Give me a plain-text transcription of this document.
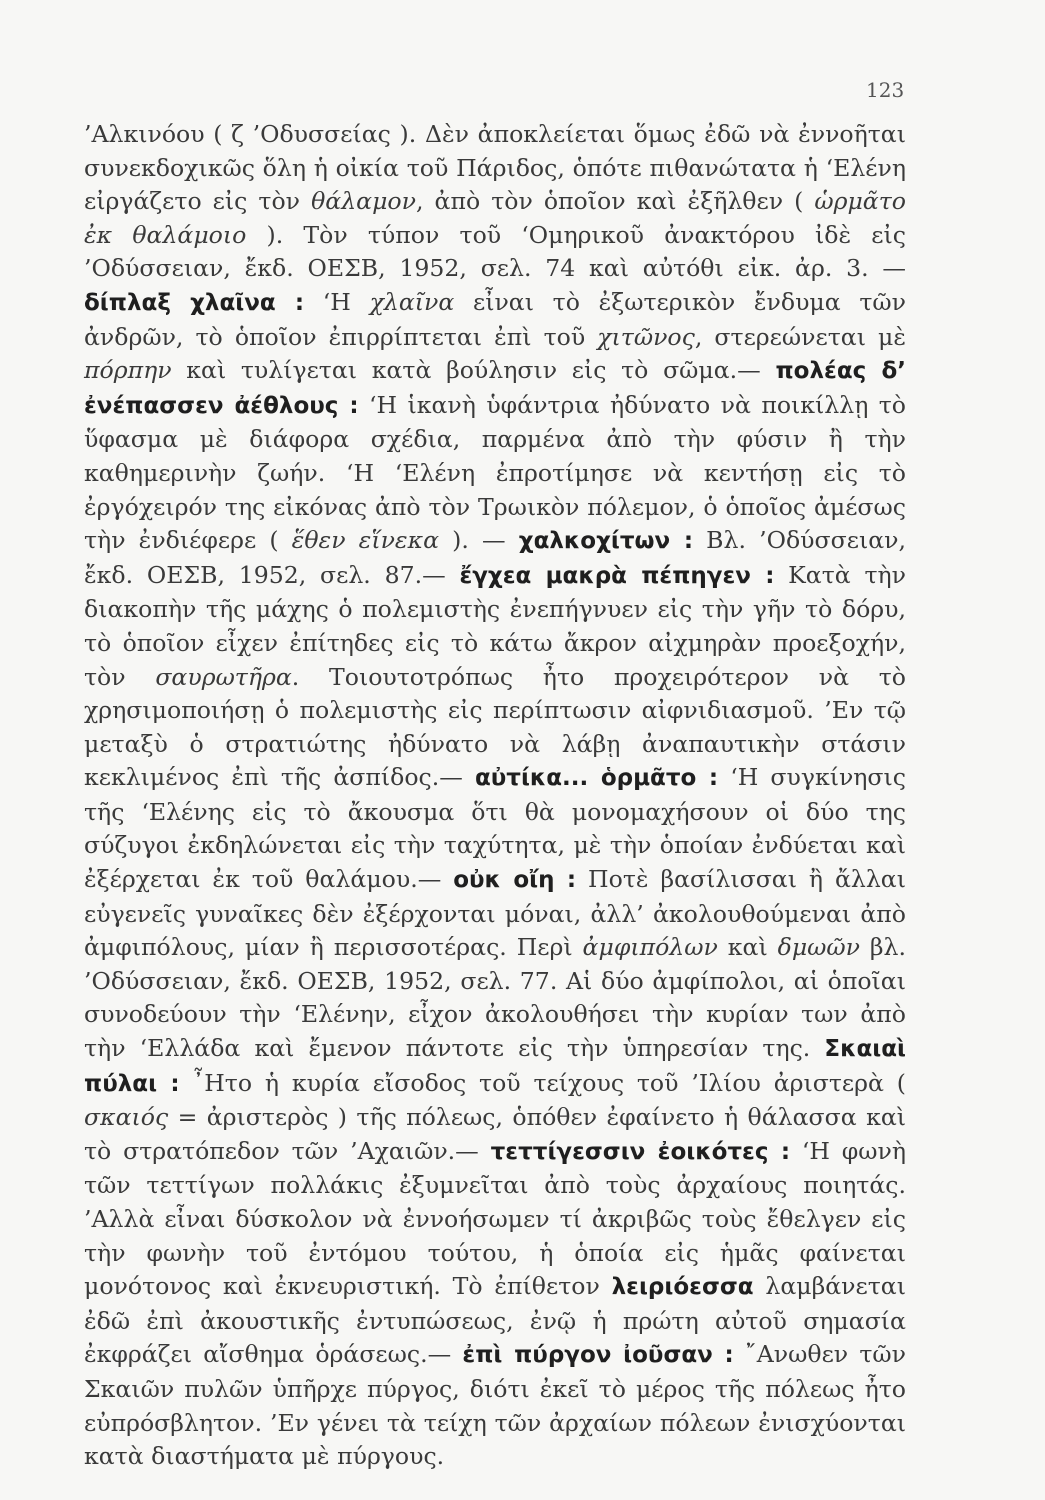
123

’Αλκινόου ( ζ ’Οδυσσείας ). Δὲν ἀποκλείεται ὅμως ἐδῶ νὰ ἐννοῆται συνεκδοχικῶς ὅλη ἡ οἰκία τοῦ Πάριδος, ὁπότε πιθανώτατα ἡ ‘Ελένη εἰργάζετο εἰς τὸν θάλαμον, ἀπὸ τὸν ὁποῖον καὶ ἐξῆλθεν ( ὡρμᾶτο ἐκ θαλάμοιο ). Τὸν τύπον τοῦ ‘Ομηρικοῦ ἀνακτόρου ἰδὲ εἰς ’Οδύσσειαν, ἔκδ. ΟΕΣΒ, 1952, σελ. 74 καὶ αὐτόθι εἰκ. ἀρ. 3. — δίπλαξ χλαῖνα : ‘Η χλαῖνα εἶναι τὸ ἐξωτερικὸν ἔνδυμα τῶν ἀνδρῶν, τὸ ὁποῖον ἐπιρρίπτεται ἐπὶ τοῦ χιτῶνος, στερεώνεται μὲ πόρπην καὶ τυλίγεται κατὰ βούλησιν εἰς τὸ σῶμα.— πολέας δ’ ἐνέπασσεν ἀέθλους : ‘Η ἱκανὴ ὑφάντρια ἠδύνατο νὰ ποικίλλῃ τὸ ὕφασμα μὲ διάφορα σχέδια, παρμένα ἀπὸ τὴν φύσιν ἢ τὴν καθημερινὴν ζωήν. ‘Η ‘Ελένη ἐπροτίμησε νὰ κεντήσῃ εἰς τὸ ἐργόχειρόν της εἰκόνας ἀπὸ τὸν Τρωικὸν πόλεμον, ὁ ὁποῖος ἀμέσως τὴν ἐνδιέφερε ( ἕθεν εἵνεκα ). — χαλκοχίτων : Βλ. ’Οδύσσειαν, ἔκδ. ΟΕΣΒ, 1952, σελ. 87.— ἔγχεα μακρὰ πέπηγεν : Κατὰ τὴν διακοπὴν τῆς μάχης ὁ πολεμιστὴς ἐνεπήγνυεν εἰς τὴν γῆν τὸ δόρυ, τὸ ὁποῖον εἶχεν ἐπίτηδες εἰς τὸ κάτω ἄκρον αἰχμηρὰν προεξοχήν, τὸν σαυρωτῆρα. Τοιουτοτρόπως ἦτο προχειρότερον νὰ τὸ χρησιμοποιήσῃ ὁ πολεμιστὴς εἰς περίπτωσιν αἰφνιδιασμοῦ. ’Εν τῷ μεταξὺ ὁ στρατιώτης ἠδύνατο νὰ λάβῃ ἀναπαυτικὴν στάσιν κεκλιμένος ἐπὶ τῆς ἀσπίδος.— αὐτίκα... ὁρμᾶτο : ‘Η συγκίνησις τῆς ‘Ελένης εἰς τὸ ἄκουσμα ὅτι θὰ μονομαχήσουν οἱ δύο της σύζυγοι ἐκδηλώνεται εἰς τὴν ταχύτητα, μὲ τὴν ὁποίαν ἐνδύεται καὶ ἐξέρχεται ἐκ τοῦ θαλάμου.— οὐκ οἴη : Ποτὲ βασίλισσαι ἢ ἄλλαι εὐγενεῖς γυναῖκες δὲν ἐξέρχονται μόναι, ἀλλ’ ἀκολουθούμεναι ἀπὸ ἀμφιπόλους, μίαν ἢ περισσοτέρας. Περὶ ἀμφιπόλων καὶ δμωῶν βλ. ’Οδύσσειαν, ἔκδ. ΟΕΣΒ, 1952, σελ. 77. Αἱ δύο ἀμφίπολοι, αἱ ὁποῖαι συνοδεύουν τὴν ‘Ελένην, εἶχον ἀκολουθήσει τὴν κυρίαν των ἀπὸ τὴν ‘Ελλάδα καὶ ἔμενον πάντοτε εἰς τὴν ὑπηρεσίαν της. Σκαιαὶ πύλαι : ῏Ητο ἡ κυρία εἴσοδος τοῦ τείχους τοῦ ’Ιλίου ἀριστερὰ ( σκαιός = ἀριστερὸς ) τῆς πόλεως, ὁπόθεν ἐφαίνετο ἡ θάλασσα καὶ τὸ στρατόπεδον τῶν ’Αχαιῶν.— τεττίγεσσιν ἐοικότες : ‘Η φωνὴ τῶν τεττίγων πολλάκις ἐξυμνεῖται ἀπὸ τοὺς ἀρχαίους ποιητάς. ’Αλλὰ εἶναι δύσκολον νὰ ἐννοήσωμεν τί ἀκριβῶς τοὺς ἔθελγεν εἰς τὴν φωνὴν τοῦ ἐντόμου τούτου, ἡ ὁποία εἰς ἡμᾶς φαίνεται μονότονος καὶ ἐκνευριστική. Τὸ ἐπίθετον λειριόεσσα λαμβάνεται ἐδῶ ἐπὶ ἀκουστικῆς ἐντυπώσεως, ἐνῷ ἡ πρώτη αὐτοῦ σημασία ἐκφράζει αἴσθημα ὁράσεως.— ἐπὶ πύργον ἰοῦσαν : ῎Ανωθεν τῶν Σκαιῶν πυλῶν ὑπῆρχε πύργος, διότι ἐκεῖ τὸ μέρος τῆς πόλεως ἦτο εὐπρόσβλητον. ’Εν γένει τὰ τείχη τῶν ἀρχαίων πόλεων ἐνισχύονται κατὰ διαστήματα μὲ πύργους.
